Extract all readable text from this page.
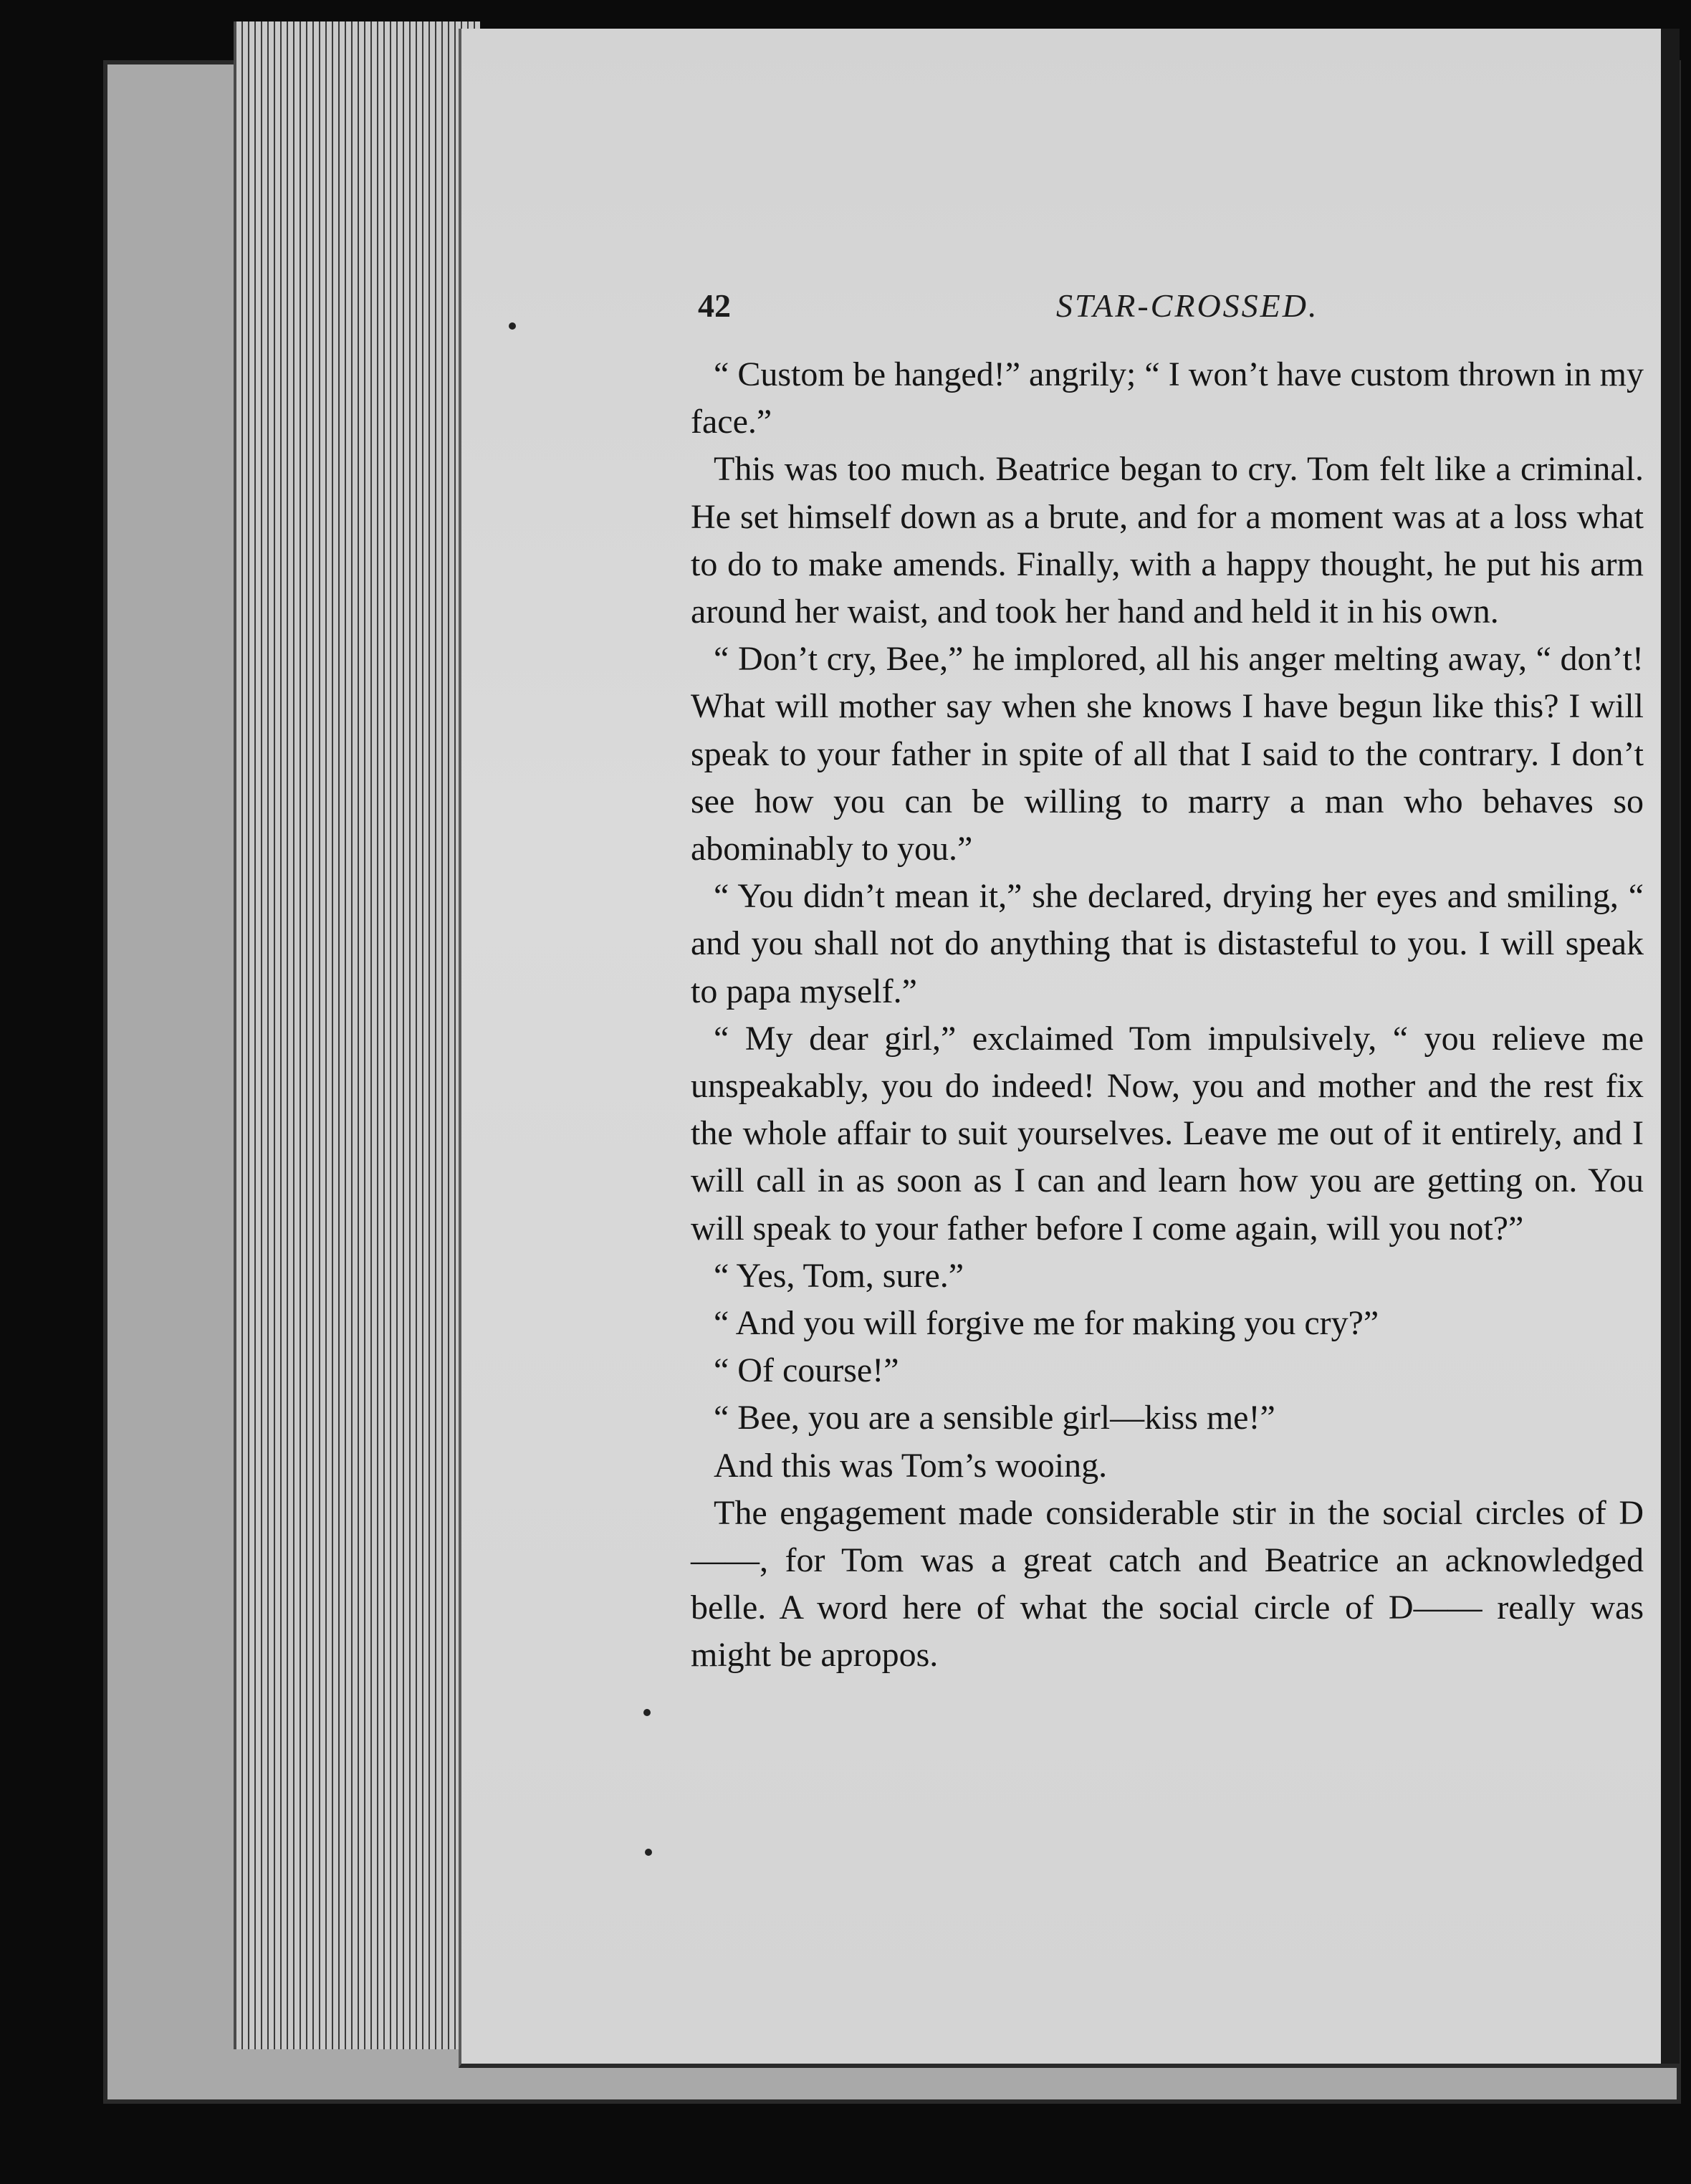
42	STAR-CROSSED.

“ Custom be hanged!” angrily; “ I won’t have custom thrown in my face.”

This was too much. Beatrice began to cry. Tom felt like a criminal. He set himself down as a brute, and for a moment was at a loss what to do to make amends. Finally, with a happy thought, he put his arm around her waist, and took her hand and held it in his own.

“ Don’t cry, Bee,” he implored, all his anger melting away, “ don’t! What will mother say when she knows I have begun like this? I will speak to your father in spite of all that I said to the contrary. I don’t see how you can be willing to marry a man who behaves so abominably to you.”

“ You didn’t mean it,” she declared, drying her eyes and smiling, “ and you shall not do anything that is distasteful to you. I will speak to papa myself.”

“ My dear girl,” exclaimed Tom impulsively, “ you relieve me unspeakably, you do indeed! Now, you and mother and the rest fix the whole affair to suit yourselves. Leave me out of it entirely, and I will call in as soon as I can and learn how you are getting on. You will speak to your father before I come again, will you not?”

“ Yes, Tom, sure.”

“ And you will forgive me for making you cry?”

“ Of course!”

“ Bee, you are a sensible girl—kiss me!”

And this was Tom’s wooing.

The engagement made considerable stir in the social circles of D——, for Tom was a great catch and Beatrice an acknowledged belle. A word here of what the social circle of D—— really was might be apropos.
